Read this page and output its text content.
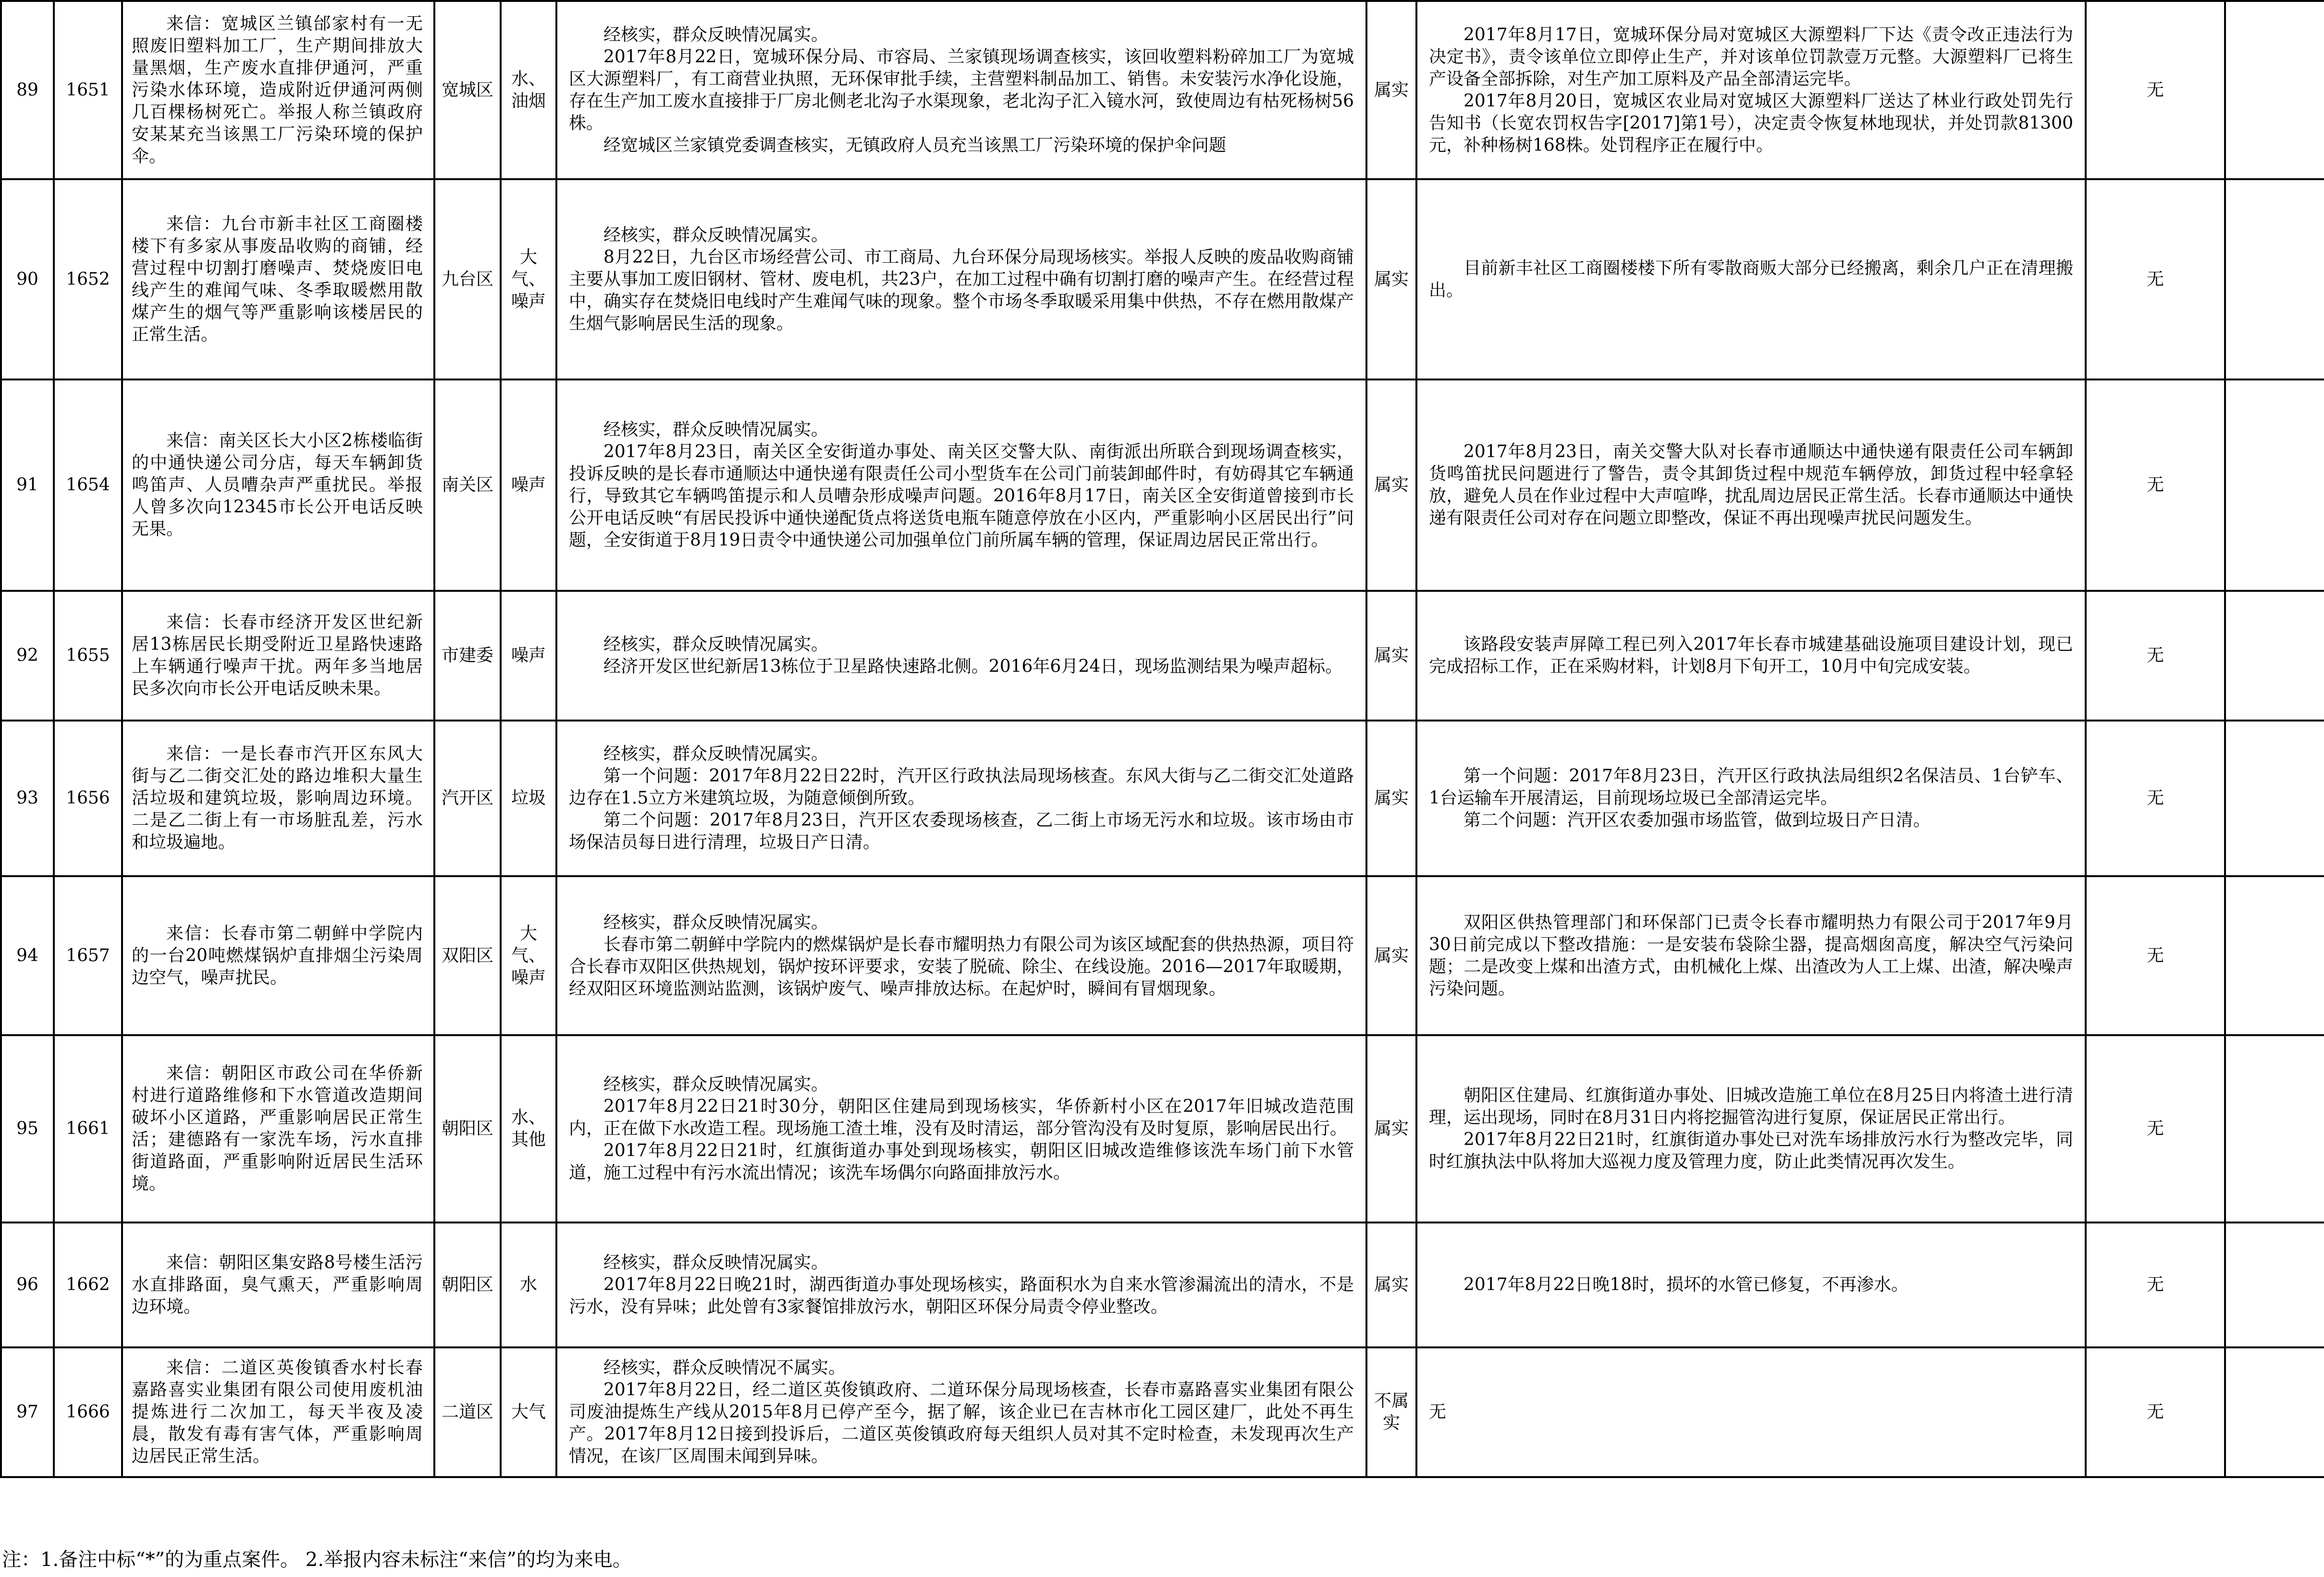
89	1651	来信：宽城区兰镇邰家村有一无照废旧塑料加工厂，生产期间排放大量黑烟，生产废水直排伊通河，严重污染水体环境，造成附近伊通河两侧几百棵杨树死亡。举报人称兰镇政府安某某充当该黑工厂污染环境的保护伞。	宽城区	水、油烟	经核实，群众反映情况属实。
2017年8月22日，宽城环保分局、市容局、兰家镇现场调查核实，该回收塑料粉碎加工厂为宽城区大源塑料厂，有工商营业执照，无环保审批手续，主营塑料制品加工、销售。未安装污水净化设施，存在生产加工废水直接排于厂房北侧老北沟子水渠现象，老北沟子汇入镜水河，致使周边有枯死杨树56株。
经宽城区兰家镇党委调查核实，无镇政府人员充当该黑工厂污染环境的保护伞问题	属实	2017年8月17日，宽城环保分局对宽城区大源塑料厂下达《责令改正违法行为决定书》，责令该单位立即停止生产，并对该单位罚款壹万元整。大源塑料厂已将生产设备全部拆除，对生产加工原料及产品全部清运完毕。
2017年8月20日，宽城区农业局对宽城区大源塑料厂送达了林业行政处罚先行告知书（长宽农罚权告字[2017]第1号），决定责令恢复林地现状，并处罚款81300元，补种杨树168株。处罚程序正在履行中。	无	
90	1652	来信：九台市新丰社区工商圈楼楼下有多家从事废品收购的商铺，经营过程中切割打磨噪声、焚烧废旧电线产生的难闻气味、冬季取暖燃用散煤产生的烟气等严重影响该楼居民的正常生活。	九台区	大气、噪声	经核实，群众反映情况属实。
8月22日，九台区市场经营公司、市工商局、九台环保分局现场核实。举报人反映的废品收购商铺主要从事加工废旧钢材、管材、废电机，共23户，在加工过程中确有切割打磨的噪声产生。在经营过程中，确实存在焚烧旧电线时产生难闻气味的现象。整个市场冬季取暖采用集中供热，不存在燃用散煤产生烟气影响居民生活的现象。	属实	目前新丰社区工商圈楼楼下所有零散商贩大部分已经搬离，剩余几户正在清理搬出。	无	
91	1654	来信：南关区长大小区2栋楼临街的中通快递公司分店，每天车辆卸货鸣笛声、人员嘈杂声严重扰民。举报人曾多次向12345市长公开电话反映无果。	南关区	噪声	经核实，群众反映情况属实。
2017年8月23日，南关区全安街道办事处、南关区交警大队、南街派出所联合到现场调查核实，投诉反映的是长春市通顺达中通快递有限责任公司小型货车在公司门前装卸邮件时，有妨碍其它车辆通行，导致其它车辆鸣笛提示和人员嘈杂形成噪声问题。2016年8月17日，南关区全安街道曾接到市长公开电话反映“有居民投诉中通快递配货点将送货电瓶车随意停放在小区内，严重影响小区居民出行”问题，全安街道于8月19日责令中通快递公司加强单位门前所属车辆的管理，保证周边居民正常出行。	属实	2017年8月23日，南关交警大队对长春市通顺达中通快递有限责任公司车辆卸货鸣笛扰民问题进行了警告，责令其卸货过程中规范车辆停放，卸货过程中轻拿轻放，避免人员在作业过程中大声喧哗，扰乱周边居民正常生活。长春市通顺达中通快递有限责任公司对存在问题立即整改，保证不再出现噪声扰民问题发生。	无	
92	1655	来信：长春市经济开发区世纪新居13栋居民长期受附近卫星路快速路上车辆通行噪声干扰。两年多当地居民多次向市长公开电话反映未果。	市建委	噪声	经核实，群众反映情况属实。
经济开发区世纪新居13栋位于卫星路快速路北侧。2016年6月24日，现场监测结果为噪声超标。	属实	该路段安装声屏障工程已列入2017年长春市城建基础设施项目建设计划，现已完成招标工作，正在采购材料，计划8月下旬开工，10月中旬完成安装。	无	
93	1656	来信：一是长春市汽开区东风大街与乙二街交汇处的路边堆积大量生活垃圾和建筑垃圾，影响周边环境。二是乙二街上有一市场脏乱差，污水和垃圾遍地。	汽开区	垃圾	经核实，群众反映情况属实。
第一个问题：2017年8月22日22时，汽开区行政执法局现场核查。东风大街与乙二街交汇处道路边存在1.5立方米建筑垃圾，为随意倾倒所致。
第二个问题：2017年8月23日，汽开区农委现场核查，乙二街上市场无污水和垃圾。该市场由市场保洁员每日进行清理，垃圾日产日清。	属实	第一个问题：2017年8月23日，汽开区行政执法局组织2名保洁员、1台铲车、1台运输车开展清运，目前现场垃圾已全部清运完毕。
第二个问题：汽开区农委加强市场监管，做到垃圾日产日清。	无	
94	1657	来信：长春市第二朝鲜中学院内的一台20吨燃煤锅炉直排烟尘污染周边空气，噪声扰民。	双阳区	大气、噪声	经核实，群众反映情况属实。
长春市第二朝鲜中学院内的燃煤锅炉是长春市耀明热力有限公司为该区域配套的供热热源，项目符合长春市双阳区供热规划，锅炉按环评要求，安装了脱硫、除尘、在线设施。2016—2017年取暖期，经双阳区环境监测站监测，该锅炉废气、噪声排放达标。在起炉时，瞬间有冒烟现象。	属实	双阳区供热管理部门和环保部门已责令长春市耀明热力有限公司于2017年9月30日前完成以下整改措施：一是安装布袋除尘器，提高烟囱高度，解决空气污染问题；二是改变上煤和出渣方式，由机械化上煤、出渣改为人工上煤、出渣，解决噪声污染问题。	无	
95	1661	来信：朝阳区市政公司在华侨新村进行道路维修和下水管道改造期间破坏小区道路，严重影响居民正常生活；建德路有一家洗车场，污水直排街道路面，严重影响附近居民生活环境。	朝阳区	水、其他	经核实，群众反映情况属实。
2017年8月22日21时30分，朝阳区住建局到现场核实，华侨新村小区在2017年旧城改造范围内，正在做下水改造工程。现场施工渣土堆，没有及时清运，部分管沟没有及时复原，影响居民出行。
2017年8月22日21时，红旗街道办事处到现场核实，朝阳区旧城改造维修该洗车场门前下水管道，施工过程中有污水流出情况；该洗车场偶尔向路面排放污水。	属实	朝阳区住建局、红旗街道办事处、旧城改造施工单位在8月25日内将渣土进行清理，运出现场，同时在8月31日内将挖掘管沟进行复原，保证居民正常出行。
2017年8月22日21时，红旗街道办事处已对洗车场排放污水行为整改完毕，同时红旗执法中队将加大巡视力度及管理力度，防止此类情况再次发生。	无	
96	1662	来信：朝阳区集安路8号楼生活污水直排路面，臭气熏天，严重影响周边环境。	朝阳区	水	经核实，群众反映情况属实。
2017年8月22日晚21时，湖西街道办事处现场核实，路面积水为自来水管渗漏流出的清水，不是污水，没有异味；此处曾有3家餐馆排放污水，朝阳区环保分局责令停业整改。	属实	2017年8月22日晚18时，损坏的水管已修复，不再渗水。	无	
97	1666	来信：二道区英俊镇香水村长春嘉路喜实业集团有限公司使用废机油提炼进行二次加工，每天半夜及凌晨，散发有毒有害气体，严重影响周边居民正常生活。	二道区	大气	经核实，群众反映情况不属实。
2017年8月22日，经二道区英俊镇政府、二道环保分局现场核查，长春市嘉路喜实业集团有限公司废油提炼生产线从2015年8月已停产至今，据了解，该企业已在吉林市化工园区建厂，此处不再生产。2017年8月12日接到投诉后，二道区英俊镇政府每天组织人员对其不定时检查，未发现再次生产情况，在该厂区周围未闻到异味。	不属实	无	无	
注：1.备注中标“*”的为重点案件。 2.举报内容未标注“来信”的均为来电。
